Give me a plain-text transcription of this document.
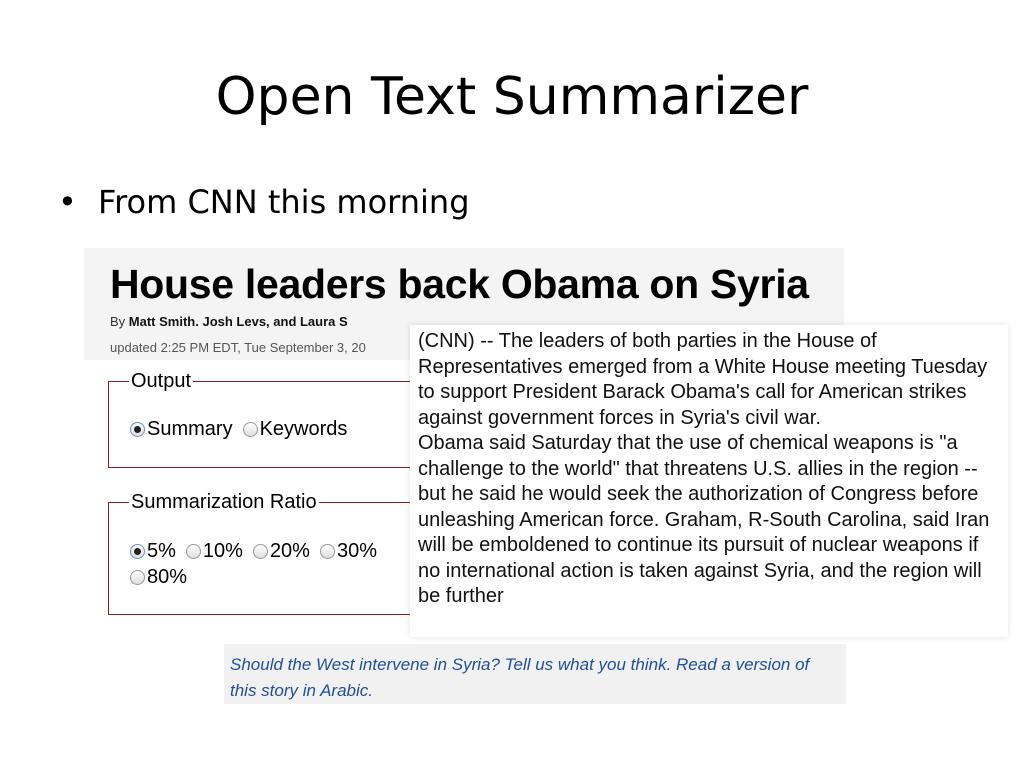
Open Text Summarizer
• From CNN this morning
House leaders back Obama on Syria
By Matt Smith. Josh Levs, and Laura S
updated 2:25 PM EDT, Tue September 3, 20
Output
Summary Keywords
Summarization Ratio
5% 10% 20% 30%
80%

(CNN) -- The leaders of both parties in the House of Representatives emerged from a White House meeting Tuesday to support President Barack Obama's call for American strikes against government forces in Syria's civil war.

Obama said Saturday that the use of chemical weapons is "a challenge to the world" that threatens U.S. allies in the region -- but he said he would seek the authorization of Congress before unleashing American force. Graham, R-South Carolina, said Iran will be emboldened to continue its pursuit of nuclear weapons if no international action is taken against Syria, and the region will be further

Should the West intervene in Syria? Tell us what you think. Read a version of this story in Arabic.
